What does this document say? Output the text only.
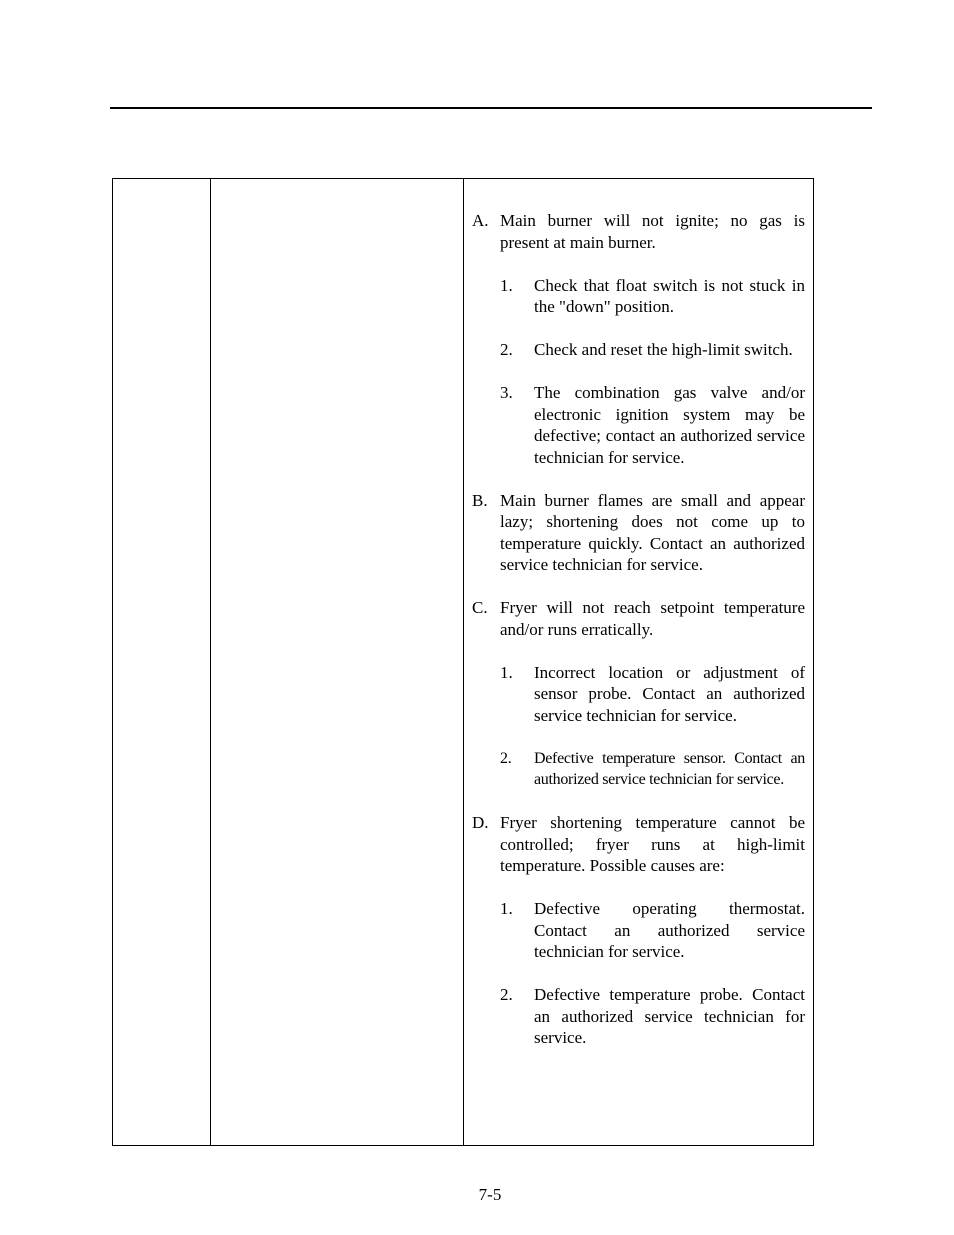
A. Main burner will not ignite; no gas is present at main burner.
1. Check that float switch is not stuck in the "down" position.
2. Check and reset the high-limit switch.
3. The combination gas valve and/or electronic ignition system may be defective; contact an authorized service technician for service.
B. Main burner flames are small and appear lazy; shortening does not come up to temperature quickly. Contact an authorized service technician for service.
C. Fryer will not reach setpoint temperature and/or runs erratically.
1. Incorrect location or adjustment of sensor probe. Contact an authorized service technician for service.
2. Defective temperature sensor. Contact an authorized service technician for service.
D. Fryer shortening temperature cannot be controlled; fryer runs at high-limit temperature. Possible causes are:
1. Defective operating thermostat. Contact an authorized service technician for service.
2. Defective temperature probe. Contact an authorized service technician for service.
7-5
